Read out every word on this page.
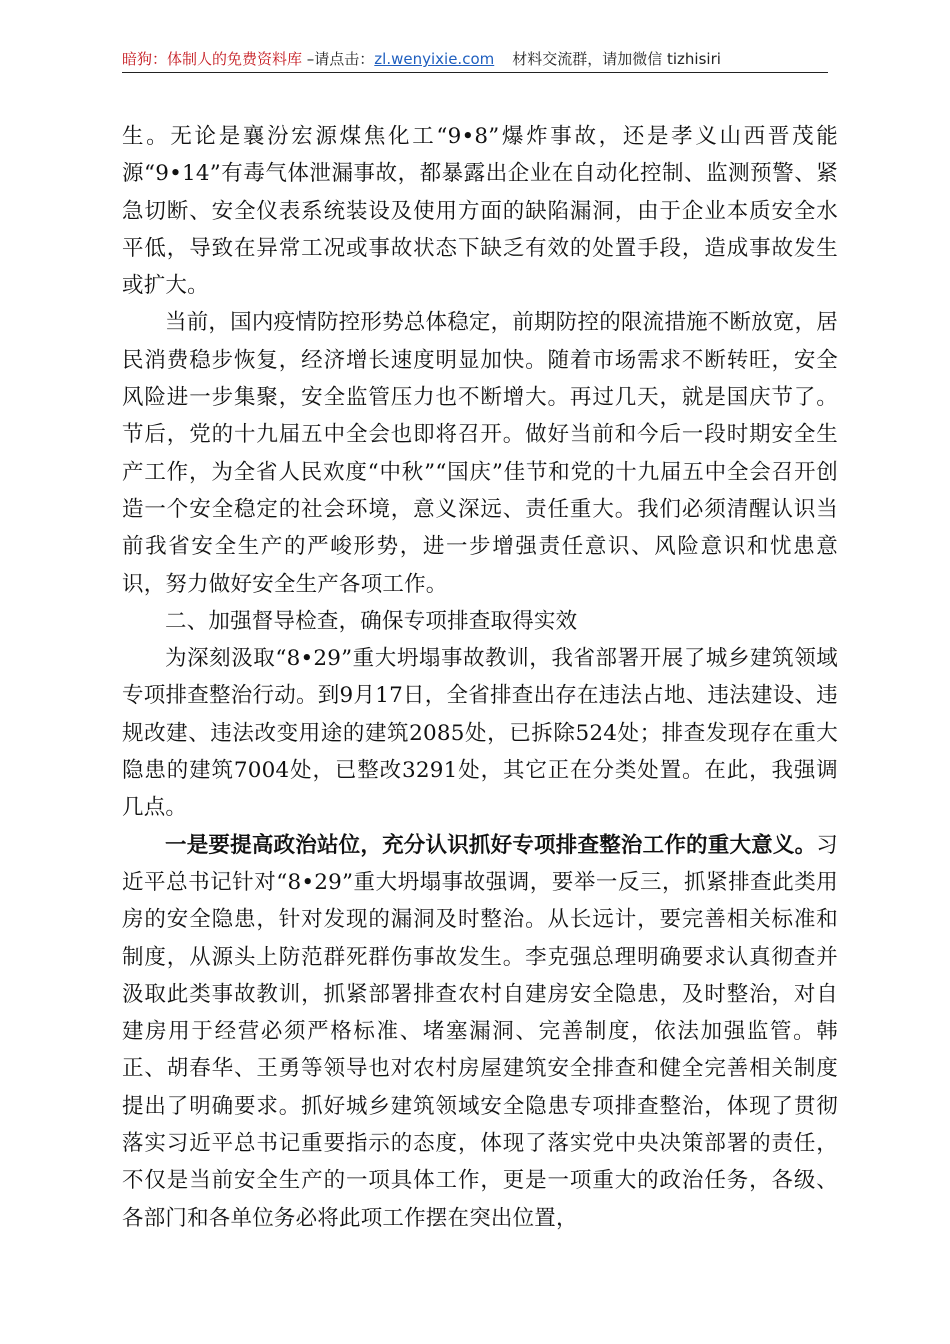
暗狗：体制人的免费资料库 –请点击：zl.wenyixie.com 材料交流群，请加微信 tizhisiri

生。无论是襄汾宏源煤焦化工“9•8”爆炸事故，还是孝义山西晋茂能源“9•14”有毒气体泄漏事故，都暴露出企业在自动化控制、监测预警、紧急切断、安全仪表系统装设及使用方面的缺陷漏洞，由于企业本质安全水平低，导致在异常工况或事故状态下缺乏有效的处置手段，造成事故发生或扩大。

当前，国内疫情防控形势总体稳定，前期防控的限流措施不断放宽，居民消费稳步恢复，经济增长速度明显加快。随着市场需求不断转旺，安全风险进一步集聚，安全监管压力也不断增大。再过几天，就是国庆节了。节后，党的十九届五中全会也即将召开。做好当前和今后一段时期安全生产工作，为全省人民欢度“中秋”“国庆”佳节和党的十九届五中全会召开创造一个安全稳定的社会环境，意义深远、责任重大。我们必须清醒认识当前我省安全生产的严峻形势，进一步增强责任意识、风险意识和忧患意识，努力做好安全生产各项工作。

二、加强督导检查，确保专项排查取得实效

为深刻汲取“8•29”重大坍塌事故教训，我省部署开展了城乡建筑领域专项排查整治行动。到9月17日，全省排查出存在违法占地、违法建设、违规改建、违法改变用途的建筑2085处，已拆除524处；排查发现存在重大隐患的建筑7004处，已整改3291处，其它正在分类处置。在此，我强调几点。

一是要提高政治站位，充分认识抓好专项排查整治工作的重大意义。习近平总书记针对“8•29”重大坍塌事故强调，要举一反三，抓紧排查此类用房的安全隐患，针对发现的漏洞及时整治。从长远计，要完善相关标准和制度，从源头上防范群死群伤事故发生。李克强总理明确要求认真彻查并汲取此类事故教训，抓紧部署排查农村自建房安全隐患，及时整治，对自建房用于经营必须严格标准、堵塞漏洞、完善制度，依法加强监管。韩正、胡春华、王勇等领导也对农村房屋建筑安全排查和健全完善相关制度提出了明确要求。抓好城乡建筑领域安全隐患专项排查整治，体现了贯彻落实习近平总书记重要指示的态度，体现了落实党中央决策部署的责任，不仅是当前安全生产的一项具体工作，更是一项重大的政治任务，各级、各部门和各单位务必将此项工作摆在突出位置，
